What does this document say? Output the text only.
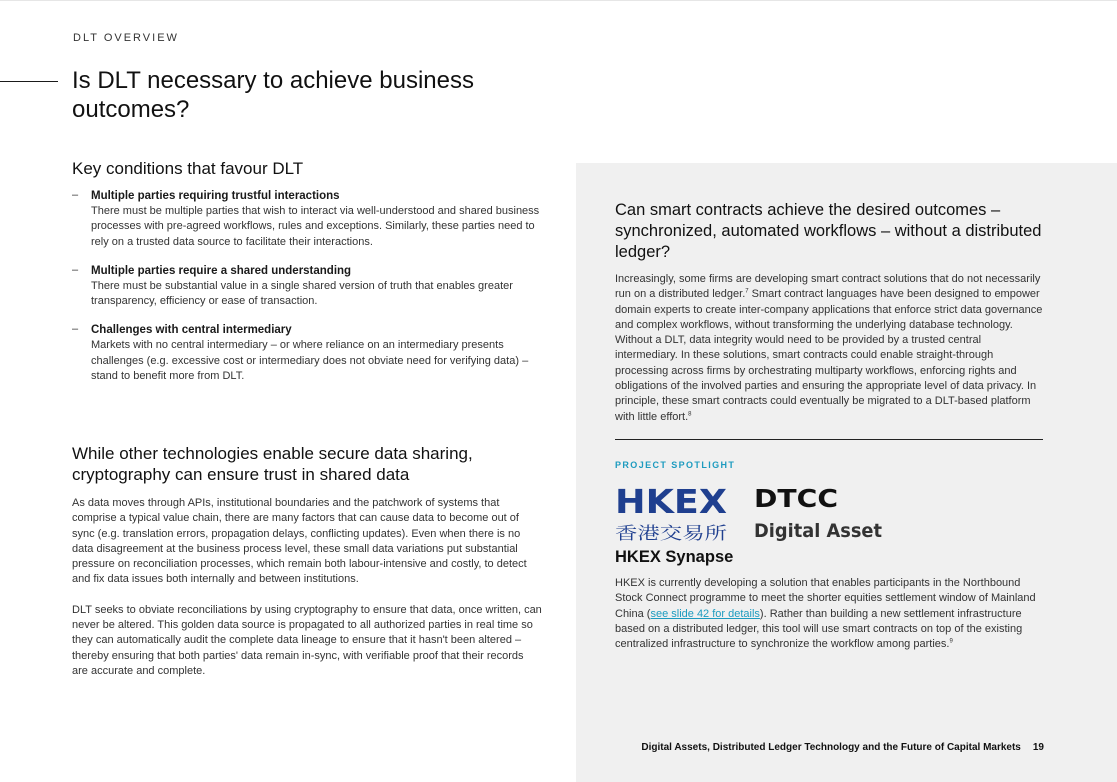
DLT OVERVIEW
Is DLT necessary to achieve business outcomes?
Key conditions that favour DLT
– Multiple parties requiring trustful interactions
There must be multiple parties that wish to interact via well-understood and shared business processes with pre-agreed workflows, rules and exceptions. Similarly, these parties need to rely on a trusted data source to facilitate their interactions.
– Multiple parties require a shared understanding
There must be substantial value in a single shared version of truth that enables greater transparency, efficiency or ease of transaction.
– Challenges with central intermediary
Markets with no central intermediary – or where reliance on an intermediary presents challenges (e.g. excessive cost or intermediary does not obviate need for verifying data) – stand to benefit more from DLT.
While other technologies enable secure data sharing, cryptography can ensure trust in shared data

As data moves through APIs, institutional boundaries and the patchwork of systems that comprise a typical value chain, there are many factors that can cause data to become out of sync (e.g. translation errors, propagation delays, conflicting updates). Even when there is no data disagreement at the business process level, these small data variations put substantial pressure on reconciliation processes, which remain both labour-intensive and costly, to detect and fix data issues both internally and between institutions.

DLT seeks to obviate reconciliations by using cryptography to ensure that data, once written, can never be altered. This golden data source is propagated to all authorized parties in real time so they can automatically audit the complete data lineage to ensure that it hasn't been altered – thereby ensuring that both parties' data remain in-sync, with verifiable proof that their records are accurate and complete.

Can smart contracts achieve the desired outcomes – synchronized, automated workflows – without a distributed ledger?

Increasingly, some firms are developing smart contract solutions that do not necessarily run on a distributed ledger.$^7$ Smart contract languages have been designed to empower domain experts to create inter-company applications that enforce strict data governance and complex workflows, without transforming the underlying database technology. Without a DLT, data integrity would need to be provided by a trusted central intermediary. In these solutions, smart contracts could enable straight-through processing across firms by orchestrating multiparty workflows, enforcing rights and obligations of the involved parties and ensuring the appropriate level of data privacy. In principle, these smart contracts could eventually be migrated to a DLT-based platform with little effort.$^8$

PROJECT SPOTLIGHT
HKEX
香港交易所
DTCC
Digital Asset
HKEX Synapse

HKEX is currently developing a solution that enables participants in the Northbound Stock Connect programme to meet the shorter equities settlement window of Mainland China (see slide 42 for details). Rather than building a new settlement infrastructure based on a distributed ledger, this tool will use smart contracts on top of the existing centralized infrastructure to synchronize the workflow among parties.$^9$

Digital Assets, Distributed Ledger Technology and the Future of Capital Markets 19
